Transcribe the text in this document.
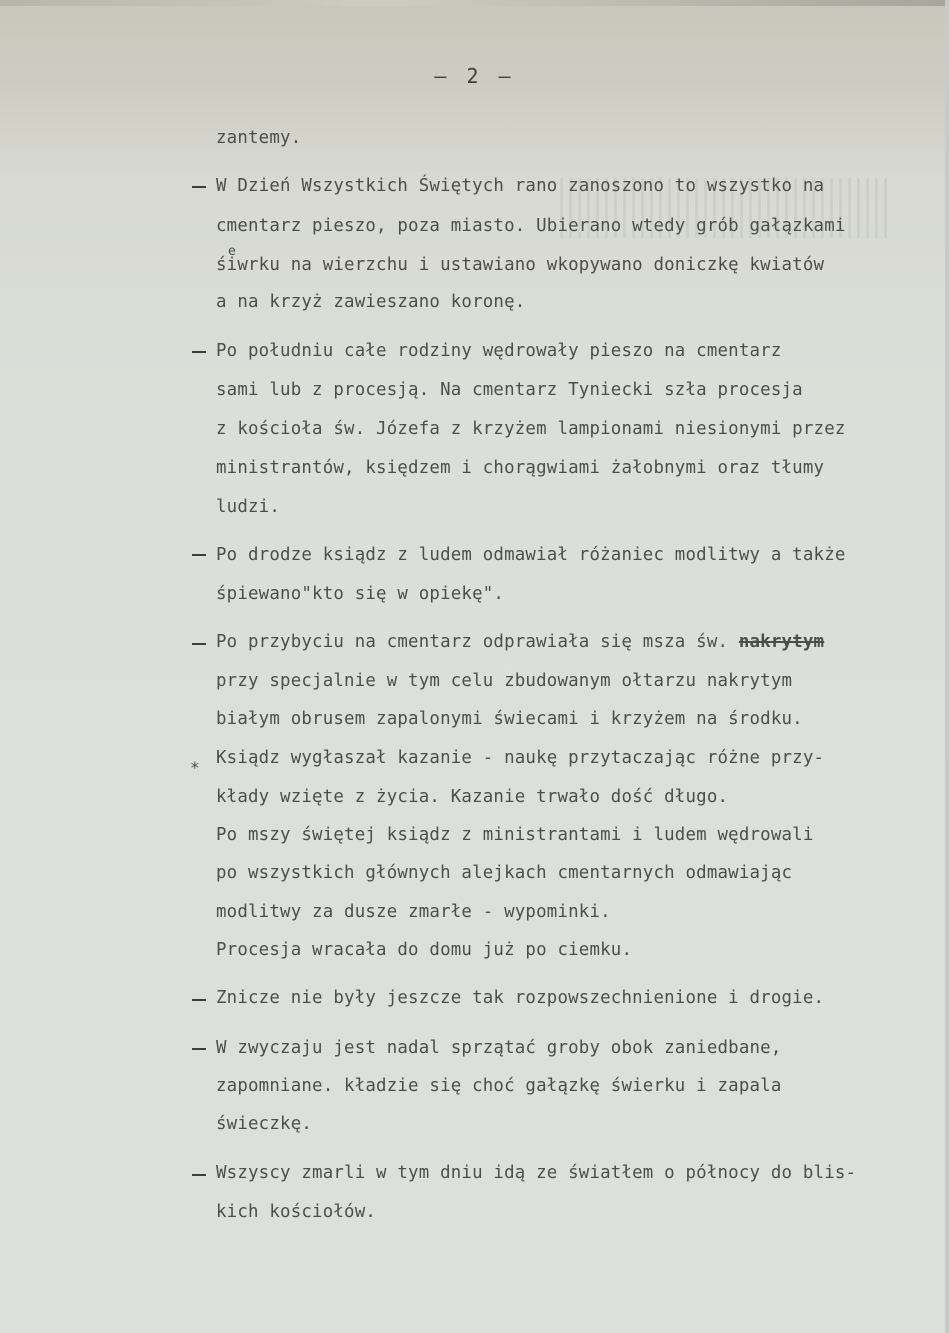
– 2 –
zantemy.
W Dzień Wszystkich Świętych rano zanoszono to wszystko na
cmentarz pieszo, poza miasto. Ubierano wtedy grób gałązkami
e
śiwrku na wierzchu i ustawiano wkopywano doniczkę kwiatów
a na krzyż zawieszano koronę.
Po południu całe rodziny wędrowały pieszo na cmentarz
sami lub z procesją. Na cmentarz Tyniecki szła procesja
z kościoła św. Józefa z krzyżem lampionami niesionymi przez
ministrantów, księdzem i chorągwiami żałobnymi oraz tłumy
ludzi.
Po drodze ksiądz z ludem odmawiał różaniec modlitwy a także
śpiewano"kto się w opiekę".
Po przybyciu na cmentarz odprawiała się msza św. nakrytym
przy specjalnie w tym celu zbudowanym ołtarzu nakrytym
białym obrusem zapalonymi świecami i krzyżem na środku.
* Ksiądz wygłaszał kazanie - naukę przytaczając różne przy-
kłady wzięte z życia. Kazanie trwało dość długo.
Po mszy świętej ksiądz z ministrantami i ludem wędrowali
po wszystkich głównych alejkach cmentarnych odmawiając
modlitwy za dusze zmarłe - wypominki.
Procesja wracała do domu już po ciemku.
Znicze nie były jeszcze tak rozpowszechnienione i drogie.
W zwyczaju jest nadal sprzątać groby obok zaniedbane,
zapomniane. kładzie się choć gałązkę świerku i zapala
świeczkę.
Wszyscy zmarli w tym dniu idą ze światłem o północy do blis-
kich kościołów.
